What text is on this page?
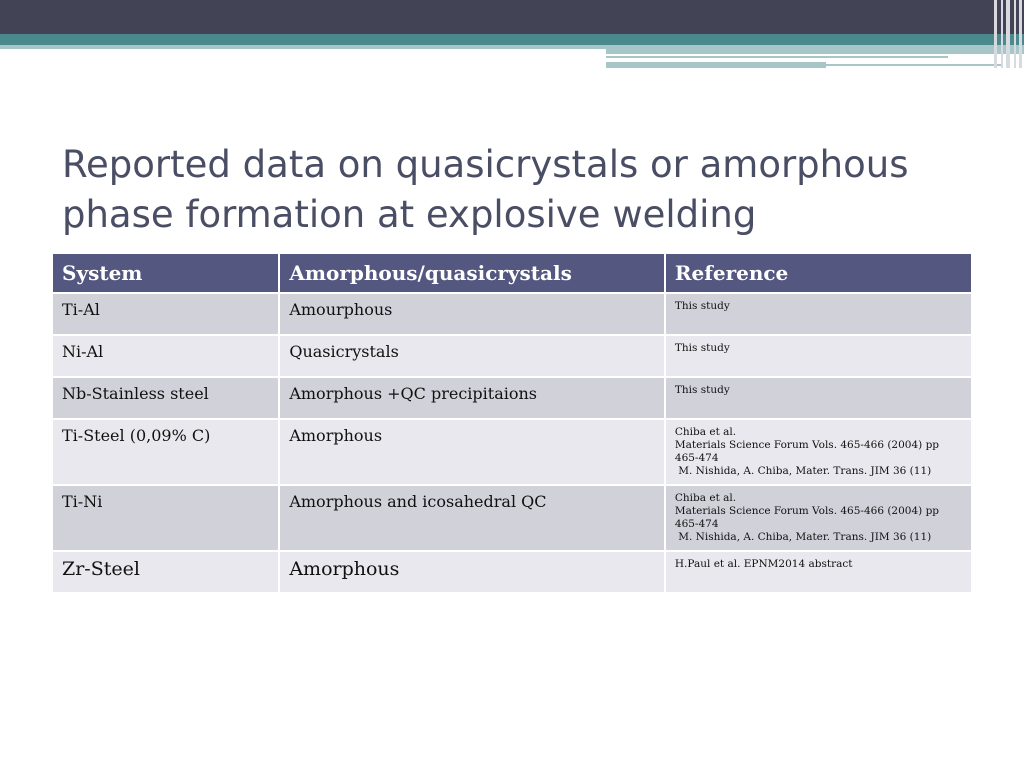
Reported data on quasicrystals or amorphous phase formation at explosive welding
System	Amorphous/quasicrystals	Reference
Ti-Al	Amourphous	This study

Ni-Al	Quasicrystals	This study

Nb-Stainless steel	Amorphous +QC precipitaions	This study

Ti-Steel (0,09% C)	Amorphous	Chiba et al.
Materials Science Forum Vols. 465-466 (2004) pp 465-474
M. Nishida, A. Chiba, Mater. Trans. JIM 36 (11)

Ti-Ni	Amorphous and icosahedral QC	Chiba et al.
Materials Science Forum Vols. 465-466 (2004) pp 465-474
M. Nishida, A. Chiba, Mater. Trans. JIM 36 (11)

Zr-Steel	Amorphous	H.Paul et al. EPNM2014 abstract
